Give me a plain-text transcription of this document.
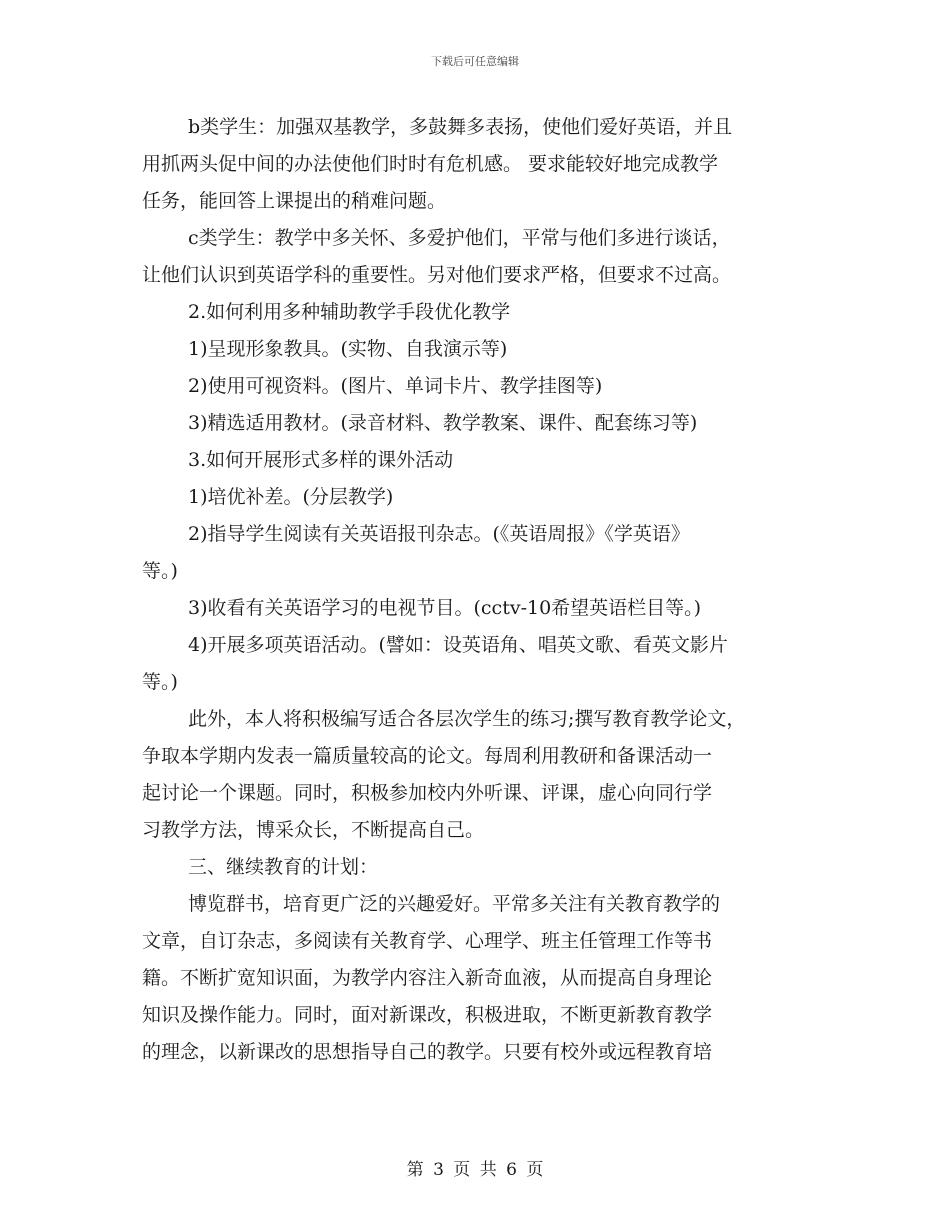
下载后可任意编辑
b类学生：加强双基教学，多鼓舞多表扬，使他们爱好英语，并且
用抓两头促中间的办法使他们时时有危机感。 要求能较好地完成教学
任务，能回答上课提出的稍难问题。
c类学生：教学中多关怀、多爱护他们，平常与他们多进行谈话，
让他们认识到英语学科的重要性。另对他们要求严格，但要求不过高。
2.如何利用多种辅助教学手段优化教学
1)呈现形象教具。(实物、自我演示等)
2)使用可视资料。(图片、单词卡片、教学挂图等)
3)精选适用教材。(录音材料、教学教案、课件、配套练习等)
3.如何开展形式多样的课外活动
1)培优补差。(分层教学)
2)指导学生阅读有关英语报刊杂志。(《英语周报》《学英语》
等。)
3)收看有关英语学习的电视节目。(cctv-10希望英语栏目等。)
4)开展多项英语活动。(譬如：设英语角、唱英文歌、看英文影片
等。)
此外，本人将积极编写适合各层次学生的练习;撰写教育教学论文，
争取本学期内发表一篇质量较高的论文。每周利用教研和备课活动一
起讨论一个课题。同时，积极参加校内外听课、评课，虚心向同行学
习教学方法，博采众长，不断提高自己。
三、继续教育的计划：
博览群书，培育更广泛的兴趣爱好。平常多关注有关教育教学的
文章，自订杂志，多阅读有关教育学、心理学、班主任管理工作等书
籍。不断扩宽知识面，为教学内容注入新奇血液，从而提高自身理论
知识及操作能力。同时，面对新课改，积极进取，不断更新教育教学
的理念，以新课改的思想指导自己的教学。只要有校外或远程教育培
第 3 页 共 6 页
